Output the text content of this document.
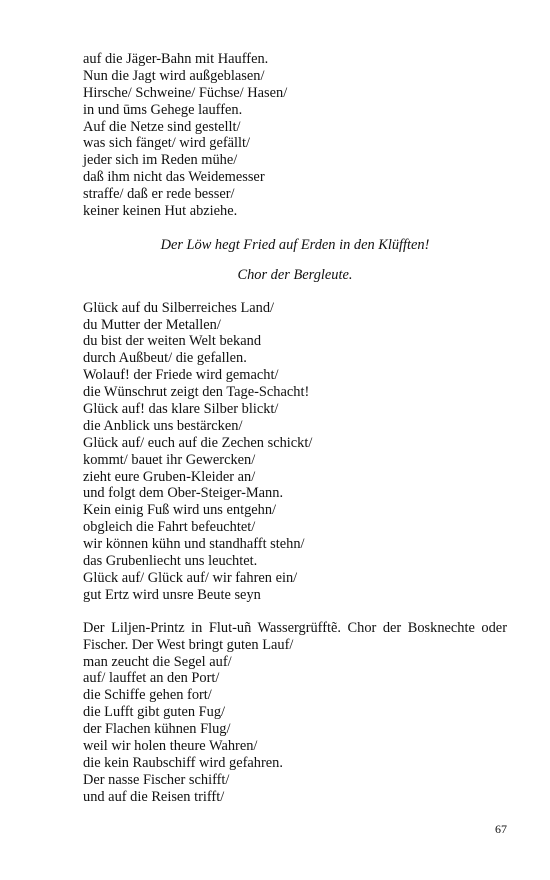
auf die Jäger-Bahn mit Hauffen.
Nun die Jagt wird außgeblasen/
Hirsche/ Schweine/ Füchse/ Hasen/
in und ūms Gehege lauffen.
Auf die Netze sind gestellt/
was sich fänget/ wird gefällt/
jeder sich im Reden mühe/
daß ihm nicht das Weidemesser
straffe/ daß er rede besser/
keiner keinen Hut abziehe.
Der Löw hegt Fried auf Erden in den Klüfften!
Chor der Bergleute.
Glück auf du Silberreiches Land/
du Mutter der Metallen/
du bist der weiten Welt bekand
durch Außbeut/ die gefallen.
Wolauf! der Friede wird gemacht/
die Wünschrut zeigt den Tage-Schacht!
Glück auf! das klare Silber blickt/
die Anblick uns bestärcken/
Glück auf/ euch auf die Zechen schickt/
kommt/ bauet ihr Gewercken/
zieht eure Gruben-Kleider an/
und folgt dem Ober-Steiger-Mann.
Kein einig Fuß wird uns entgehn/
obgleich die Fahrt befeuchtet/
wir können kühn und standhafft stehn/
das Grubenliecht uns leuchtet.
Glück auf/ Glück auf/ wir fahren ein/
gut Ertz wird unsre Beute seyn
Der Liljen-Printz in Flut-uñ Wassergrüfftẽ. Chor der Bosknechte oder Fischer. Der West bringt guten Lauf/
man zeucht die Segel auf/
auf/ lauffet an den Port/
die Schiffe gehen fort/
die Lufft gibt guten Fug/
der Flachen kühnen Flug/
weil wir holen theure Wahren/
die kein Raubschiff wird gefahren.
Der nasse Fischer schifft/
und auf die Reisen trifft/
67
